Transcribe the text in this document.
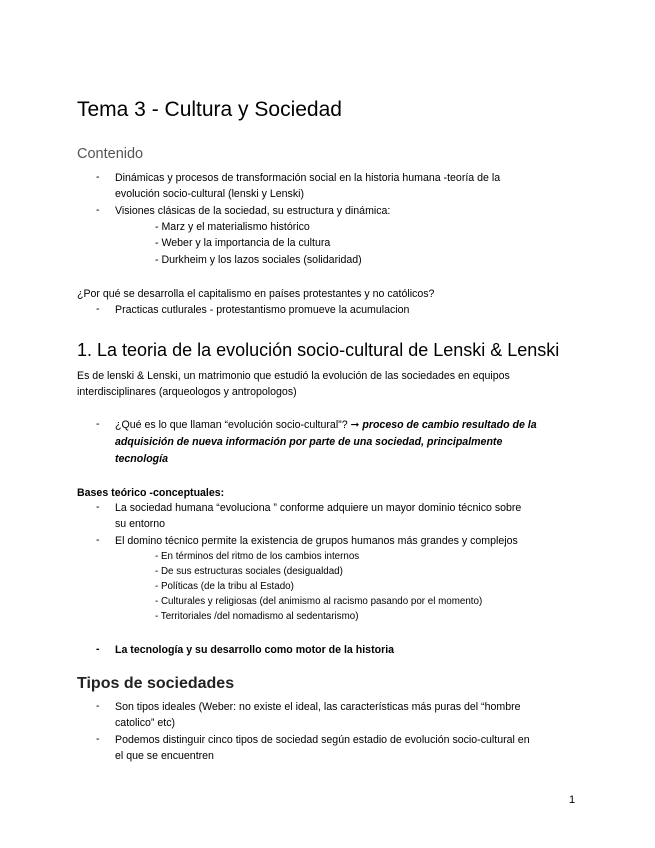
Tema 3 - Cultura y Sociedad
Contenido
- Dinámicas y procesos de transformación social en la historia humana -teoría de la
evolución socio-cultural (lenski y Lenski)
- Visiones clásicas de la sociedad, su estructura y dinámica:
- Marz y el materialismo histórico
- Weber y la importancia de la cultura
- Durkheim y los lazos sociales (solidaridad)
¿Por qué se desarrolla el capitalismo en países protestantes y no católicos?
- Practicas cutlurales - protestantismo promueve la acumulacion
1. La teoria de la evolución socio-cultural de Lenski & Lenski
Es de lenski & Lenski, un matrimonio que estudió la evolución de las sociedades en equipos
interdisciplinares (arqueologos y antropologos)
- ¿Qué es lo que llaman “evolución socio-cultural”? ➞ proceso de cambio resultado de la
adquisición de nueva información por parte de una sociedad, principalmente
tecnología
Bases teórico -conceptuales:
- La sociedad humana “evoluciona ” conforme adquiere un mayor dominio técnico sobre
su entorno
- El domino técnico permite la existencia de grupos humanos más grandes y complejos
- En términos del ritmo de los cambios internos
- De sus estructuras sociales (desigualdad)
- Políticas (de la tribu al Estado)
- Culturales y religiosas (del animismo al racismo pasando por el momento)
- Territoriales /del nomadismo al sedentarismo)
- La tecnología y su desarrollo como motor de la historia
Tipos de sociedades
- Son tipos ideales (Weber: no existe el ideal, las características más puras del “hombre
catolico” etc)
- Podemos distinguir cinco tipos de sociedad según estadio de evolución socio-cultural en
el que se encuentren
1
